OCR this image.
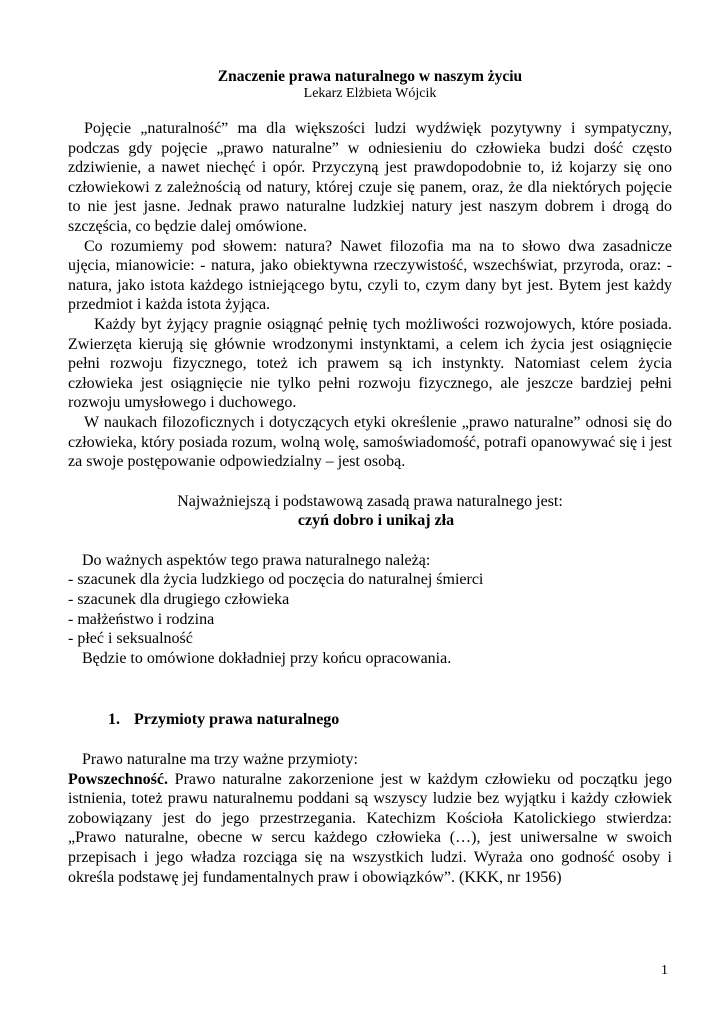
Znaczenie prawa naturalnego w naszym życiu

Lekarz Elżbieta Wójcik

Pojęcie „naturalność” ma dla większości ludzi wydźwięk pozytywny i sympatyczny, podczas gdy pojęcie „prawo naturalne” w odniesieniu do człowieka budzi dość często zdziwienie, a nawet niechęć i opór. Przyczyną jest prawdopodobnie to, iż kojarzy się ono człowiekowi z zależnością od natury, której czuje się panem, oraz, że dla niektórych pojęcie to nie jest jasne. Jednak prawo naturalne ludzkiej natury jest naszym dobrem i drogą do szczęścia, co będzie dalej omówione.

Co rozumiemy pod słowem: natura? Nawet filozofia ma na to słowo dwa zasadnicze ujęcia, mianowicie: - natura, jako obiektywna rzeczywistość, wszechświat, przyroda, oraz: - natura, jako istota każdego istniejącego bytu, czyli to, czym dany byt jest. Bytem jest każdy przedmiot i każda istota żyjąca.

Każdy byt żyjący pragnie osiągnąć pełnię tych możliwości rozwojowych, które posiada. Zwierzęta kierują się głównie wrodzonymi instynktami, a celem ich życia jest osiągnięcie pełni rozwoju fizycznego, toteż ich prawem są ich instynkty. Natomiast celem życia człowieka jest osiągnięcie nie tylko pełni rozwoju fizycznego, ale jeszcze bardziej pełni rozwoju umysłowego i duchowego.

W naukach filozoficznych i dotyczących etyki określenie „prawo naturalne” odnosi się do człowieka, który posiada rozum, wolną wolę, samoświadomość, potrafi opanowywać się i jest za swoje postępowanie odpowiedzialny – jest osobą.

Najważniejszą i podstawową zasadą prawa naturalnego jest:

czyń dobro i unikaj zła

Do ważnych aspektów tego prawa naturalnego należą:

- szacunek dla życia ludzkiego od poczęcia do naturalnej śmierci

- szacunek dla drugiego człowieka

- małżeństwo i rodzina

- płeć i seksualność

Będzie to omówione dokładniej przy końcu opracowania.

1. Przymioty prawa naturalnego

Prawo naturalne ma trzy ważne przymioty:

Powszechność. Prawo naturalne zakorzenione jest w każdym człowieku od początku jego istnienia, toteż prawu naturalnemu poddani są wszyscy ludzie bez wyjątku i każdy człowiek zobowiązany jest do jego przestrzegania. Katechizm Kościoła Katolickiego stwierdza: „Prawo naturalne, obecne w sercu każdego człowieka (…), jest uniwersalne w swoich przepisach i jego władza rozciąga się na wszystkich ludzi. Wyraża ono godność osoby i określa podstawę jej fundamentalnych praw i obowiązków”. (KKK, nr 1956)

1
